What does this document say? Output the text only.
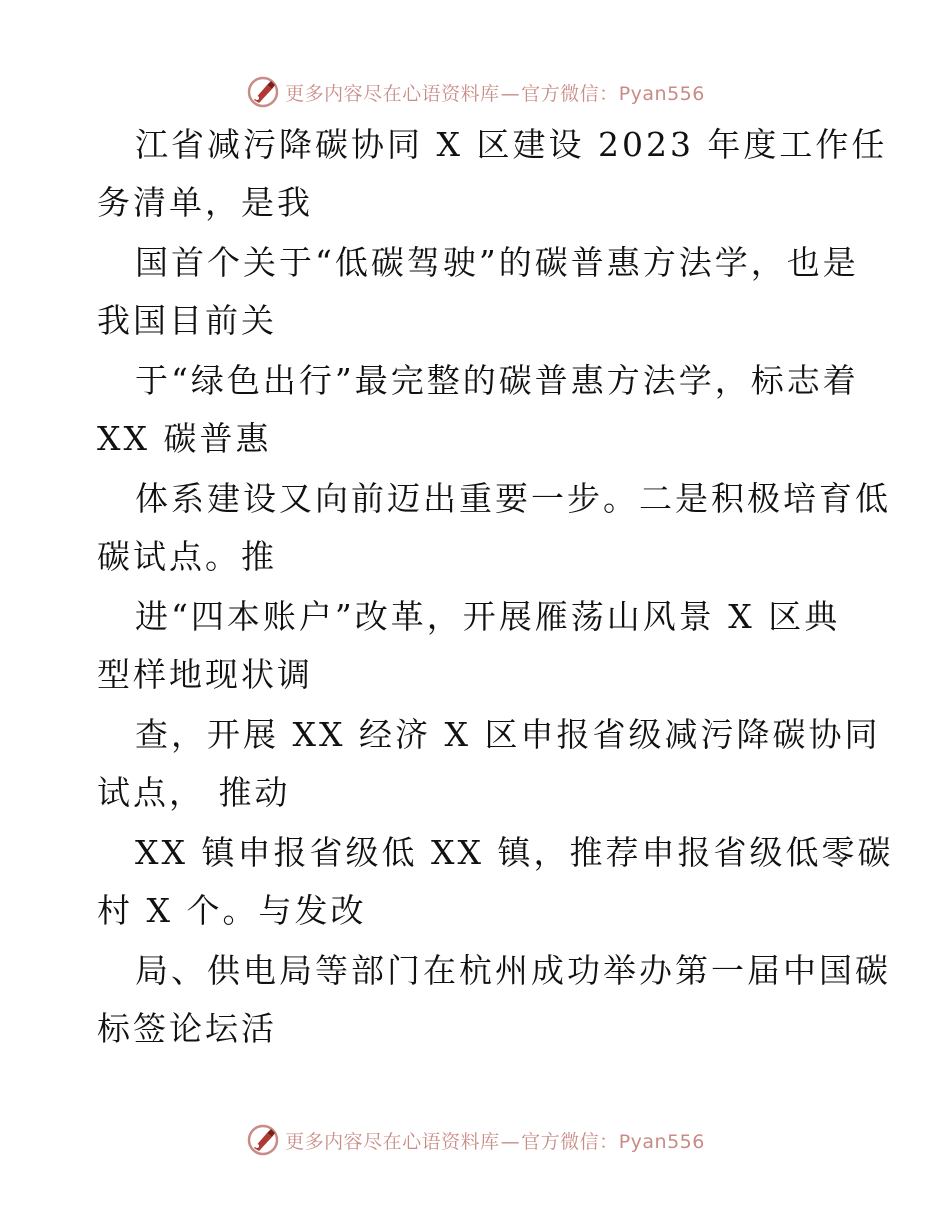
更多内容尽在心语资料库—官方微信：Pyan556
江省减污降碳协同 X 区建设 2023 年度工作任
务清单，是我
国首个关于“低碳驾驶”的碳普惠方法学，也是
我国目前关
于“绿色出行”最完整的碳普惠方法学，标志着
XX 碳普惠
体系建设又向前迈出重要一步。二是积极培育低
碳试点。推
进“四本账户”改革，开展雁荡山风景 X 区典
型样地现状调
查，开展 XX 经济 X 区申报省级减污降碳协同
试点， 推动
XX 镇申报省级低 XX 镇，推荐申报省级低零碳
村 X 个。与发改
局、供电局等部门在杭州成功举办第一届中国碳
标签论坛活
更多内容尽在心语资料库—官方微信：Pyan556
